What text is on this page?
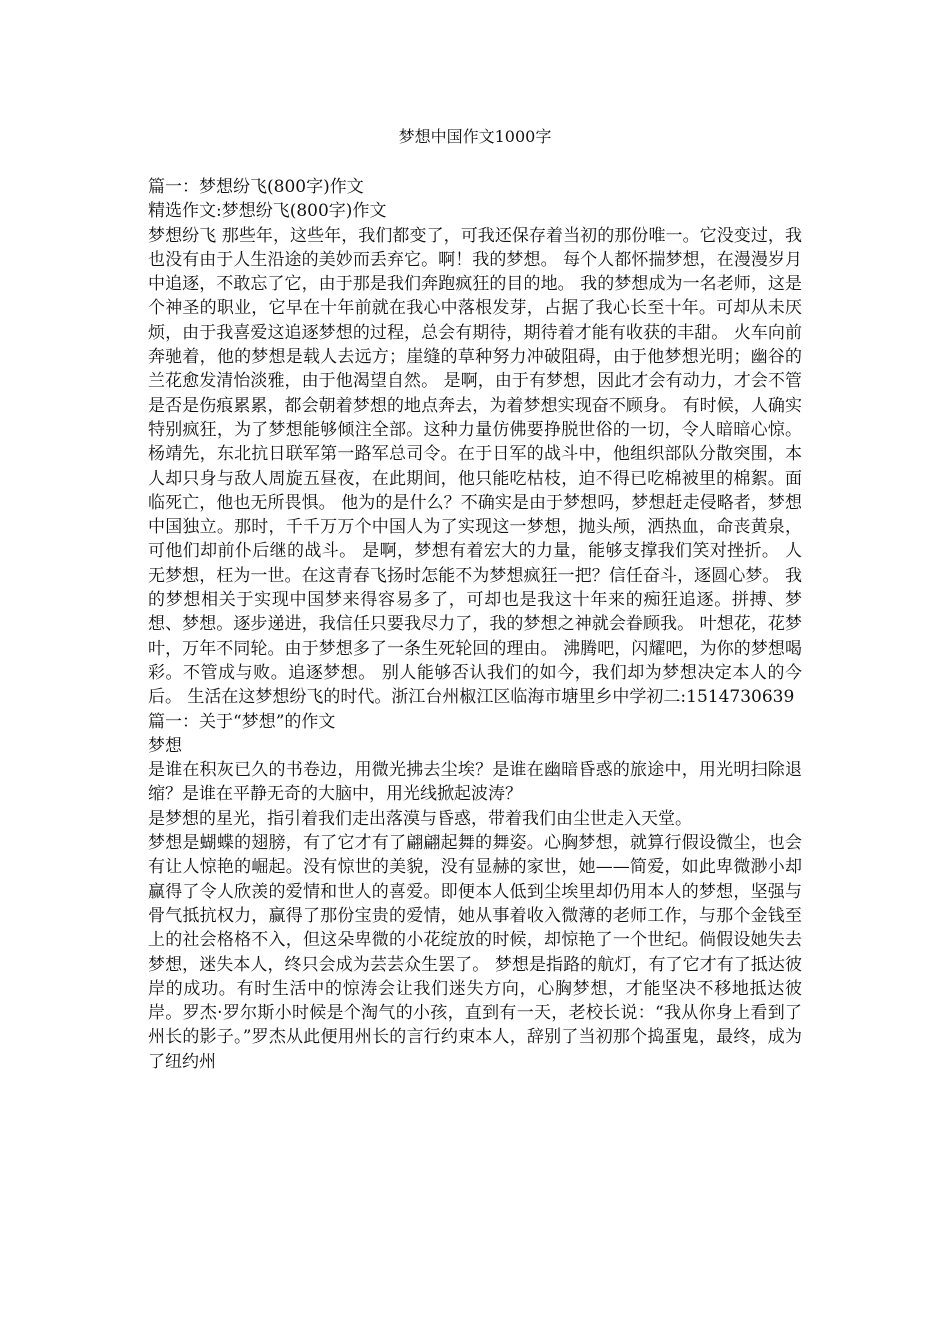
梦想中国作文1000字
篇一：梦想纷飞(800字)作文
精选作文:梦想纷飞(800字)作文

梦想纷飞 那些年，这些年，我们都变了，可我还保存着当初的那份唯一。它没变过，我也没有由于人生沿途的美妙而丢弃它。啊！我的梦想。 每个人都怀揣梦想，在漫漫岁月中追逐，不敢忘了它，由于那是我们奔跑疯狂的目的地。 我的梦想成为一名老师，这是个神圣的职业，它早在十年前就在我心中落根发芽，占据了我心长至十年。可却从未厌烦，由于我喜爱这追逐梦想的过程，总会有期待，期待着才能有收获的丰甜。 火车向前奔驰着，他的梦想是载人去远方；崖缝的草种努力冲破阻碍，由于他梦想光明；幽谷的兰花愈发清怡淡雅，由于他渴望自然。 是啊，由于有梦想，因此才会有动力，才会不管是否是伤痕累累，都会朝着梦想的地点奔去，为着梦想实现奋不顾身。 有时候，人确实特别疯狂，为了梦想能够倾注全部。这种力量仿佛要挣脱世俗的一切，令人暗暗心惊。 杨靖先，东北抗日联军第一路军总司令。在于日军的战斗中，他组织部队分散突围，本人却只身与敌人周旋五昼夜，在此期间，他只能吃枯枝，迫不得已吃棉被里的棉絮。面临死亡，他也无所畏惧。 他为的是什么？不确实是由于梦想吗，梦想赶走侵略者，梦想中国独立。那时，千千万万个中国人为了实现这一梦想，抛头颅，洒热血，命丧黄泉，可他们却前仆后继的战斗。 是啊，梦想有着宏大的力量，能够支撑我们笑对挫折。 人无梦想，枉为一世。在这青春飞扬时怎能不为梦想疯狂一把？信任奋斗，逐圆心梦。 我的梦想相关于实现中国梦来得容易多了，可却也是我这十年来的痴狂追逐。拼搏、梦想、梦想。逐步递进，我信任只要我尽力了，我的梦想之神就会眷顾我。 叶想花，花梦叶，万年不同轮。由于梦想多了一条生死轮回的理由。 沸腾吧，闪耀吧，为你的梦想喝彩。不管成与败。追逐梦想。 别人能够否认我们的如今，我们却为梦想决定本人的今后。 生活在这梦想纷飞的时代。浙江台州椒江区临海市塘里乡中学初二:1514730639

篇一：关于“梦想”的作文
梦想

是谁在积灰已久的书卷边，用微光拂去尘埃？是谁在幽暗昏惑的旅途中，用光明扫除退缩？是谁在平静无奇的大脑中，用光线掀起波涛？

是梦想的星光，指引着我们走出落漠与昏惑，带着我们由尘世走入天堂。

梦想是蝴蝶的翅膀，有了它才有了翩翩起舞的舞姿。心胸梦想，就算行假设微尘，也会有让人惊艳的崛起。没有惊世的美貌，没有显赫的家世，她——简爱，如此卑微渺小却赢得了令人欣羡的爱情和世人的喜爱。即便本人低到尘埃里却仍用本人的梦想，坚强与骨气抵抗权力，赢得了那份宝贵的爱情，她从事着收入微薄的老师工作，与那个金钱至上的社会格格不入，但这朵卑微的小花绽放的时候，却惊艳了一个世纪。倘假设她失去梦想，迷失本人，终只会成为芸芸众生罢了。 梦想是指路的航灯，有了它才有了抵达彼岸的成功。有时生活中的惊涛会让我们迷失方向，心胸梦想，才能坚决不移地抵达彼岸。罗杰·罗尔斯小时候是个淘气的小孩，直到有一天，老校长说：“我从你身上看到了州长的影子。”罗杰从此便用州长的言行约束本人，辞别了当初那个捣蛋鬼，最终，成为了纽约州
